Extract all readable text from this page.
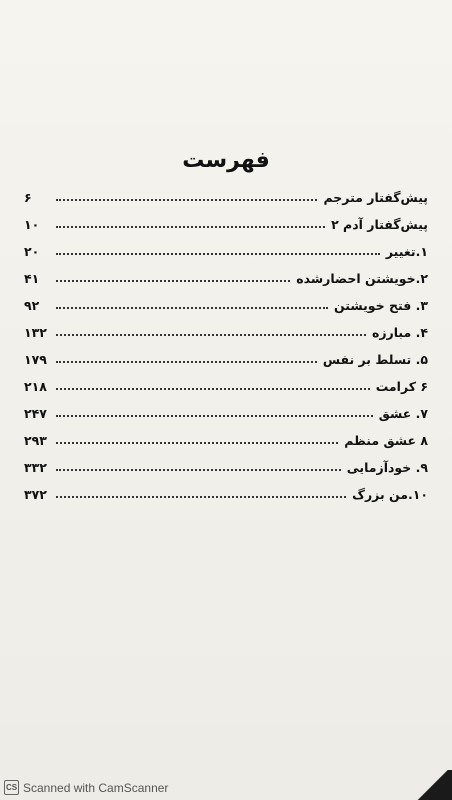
فهرست
پیش‌گفتار مترجم
۶
پیش‌گفتار آدم ۲
۱۰
۱.تغییر
۲۰
۲.خویشتن احضارشده
۴۱
۳. فتح خویشتن
۹۲
۴. مبارزه
۱۳۲
۵. تسلط بر نفس
۱۷۹
۶ کرامت
۲۱۸
۷. عشق
۲۴۷
۸ عشق منظم
۲۹۳
۹. خودآزمایی
۳۳۲
۱۰.من بزرگ
۳۷۲
CS Scanned with CamScanner
